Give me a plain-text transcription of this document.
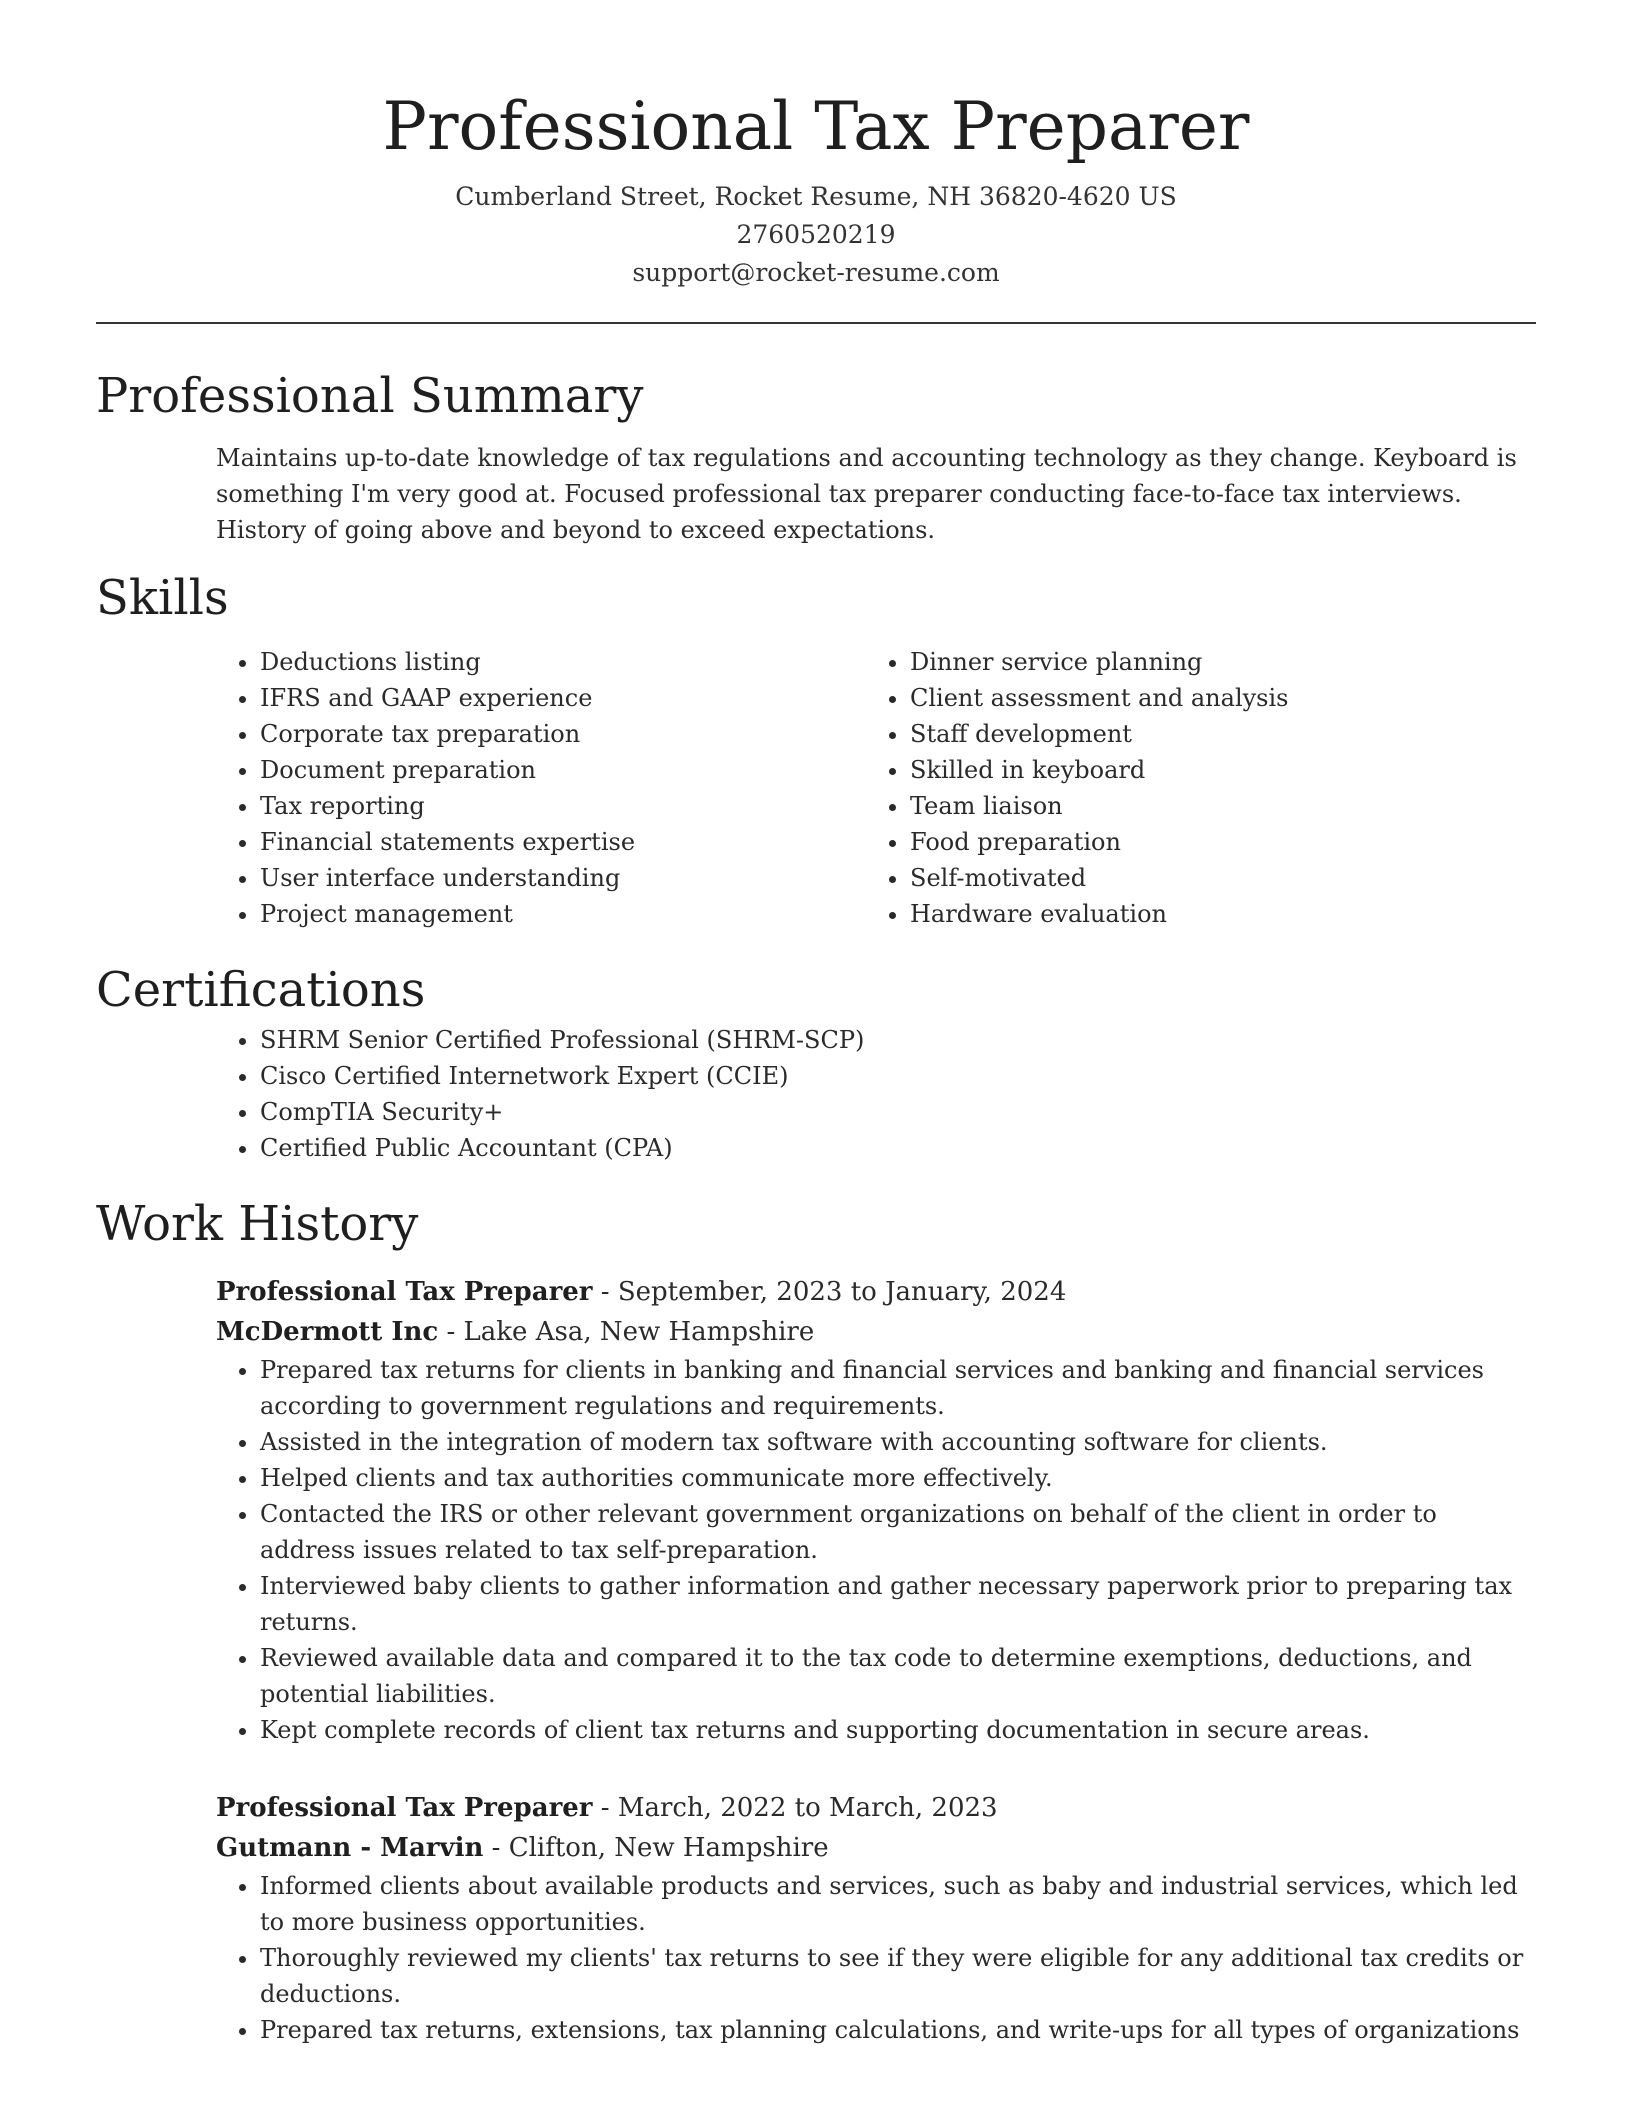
Professional Tax Preparer
Cumberland Street, Rocket Resume, NH 36820-4620 US
2760520219
support@rocket-resume.com
Professional Summary

Maintains up-to-date knowledge of tax regulations and accounting technology as they change. Keyboard is something I'm very good at. Focused professional tax preparer conducting face-to-face tax interviews. History of going above and beyond to exceed expectations.

Skills
• Deductions listing
• IFRS and GAAP experience
• Corporate tax preparation
• Document preparation
• Tax reporting
• Financial statements expertise
• User interface understanding
• Project management
• Dinner service planning
• Client assessment and analysis
• Staff development
• Skilled in keyboard
• Team liaison
• Food preparation
• Self-motivated
• Hardware evaluation
Certifications
• SHRM Senior Certified Professional (SHRM-SCP)
• Cisco Certified Internetwork Expert (CCIE)
• CompTIA Security+
• Certified Public Accountant (CPA)
Work History
Professional Tax Preparer - September, 2023 to January, 2024
McDermott Inc - Lake Asa, New Hampshire
• Prepared tax returns for clients in banking and financial services and banking and financial services according to government regulations and requirements.
• Assisted in the integration of modern tax software with accounting software for clients.
• Helped clients and tax authorities communicate more effectively.
• Contacted the IRS or other relevant government organizations on behalf of the client in order to address issues related to tax self-preparation.
• Interviewed baby clients to gather information and gather necessary paperwork prior to preparing tax returns.
• Reviewed available data and compared it to the tax code to determine exemptions, deductions, and potential liabilities.
• Kept complete records of client tax returns and supporting documentation in secure areas.
Professional Tax Preparer - March, 2022 to March, 2023
Gutmann - Marvin - Clifton, New Hampshire
• Informed clients about available products and services, such as baby and industrial services, which led to more business opportunities.
• Thoroughly reviewed my clients' tax returns to see if they were eligible for any additional tax credits or deductions.
• Prepared tax returns, extensions, tax planning calculations, and write-ups for all types of organizations
